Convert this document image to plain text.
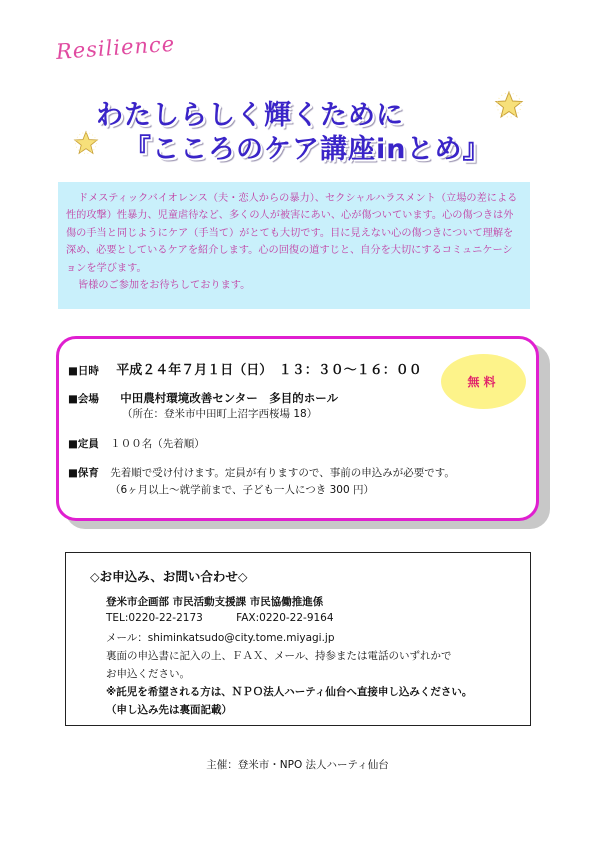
Resilience
わたしらしく輝くために
『こころのケア講座inとめ』

ドメスティックバイオレンス（夫・恋人からの暴力）、セクシャルハラスメント（立場の差による性的攻撃）性暴力、児童虐待など、多くの人が被害にあい、心が傷ついています。心の傷つきは外傷の手当と同じようにケア（手当て）がとても大切です。目に見えない心の傷つきについて理解を深め、必要としているケアを紹介します。心の回復の道すじと、自分を大切にするコミュニケーションを学びます。

皆様のご参加をお待ちしております。

■日時 平成２４年７月１日（日）　１３：３０～１６：００
無料
■会場 中田農村環境改善センター　多目的ホール
（所在：登米市中田町上沼字西桜場 18）
■定員 １００名（先着順）
■保育 先着順で受け付けます。定員が有りますので、事前の申込みが必要です。
（6ヶ月以上～就学前まで、子ども一人につき 300 円）
◇お申込み、お問い合わせ◇
登米市企画部 市民活動支援課 市民協働推進係
TEL:0220-22-2173	FAX:0220-22-9164
メール：shiminkatsudo@city.tome.miyagi.jp
裏面の申込書に記入の上、ＦＡＸ、メール、持参または電話のいずれかで
お申込ください。
※託児を希望される方は、ＮＰＯ法人ハーティ仙台へ直接申し込みください。
（申し込み先は裏面記載）
主催：登米市・NPO 法人ハーティ仙台
